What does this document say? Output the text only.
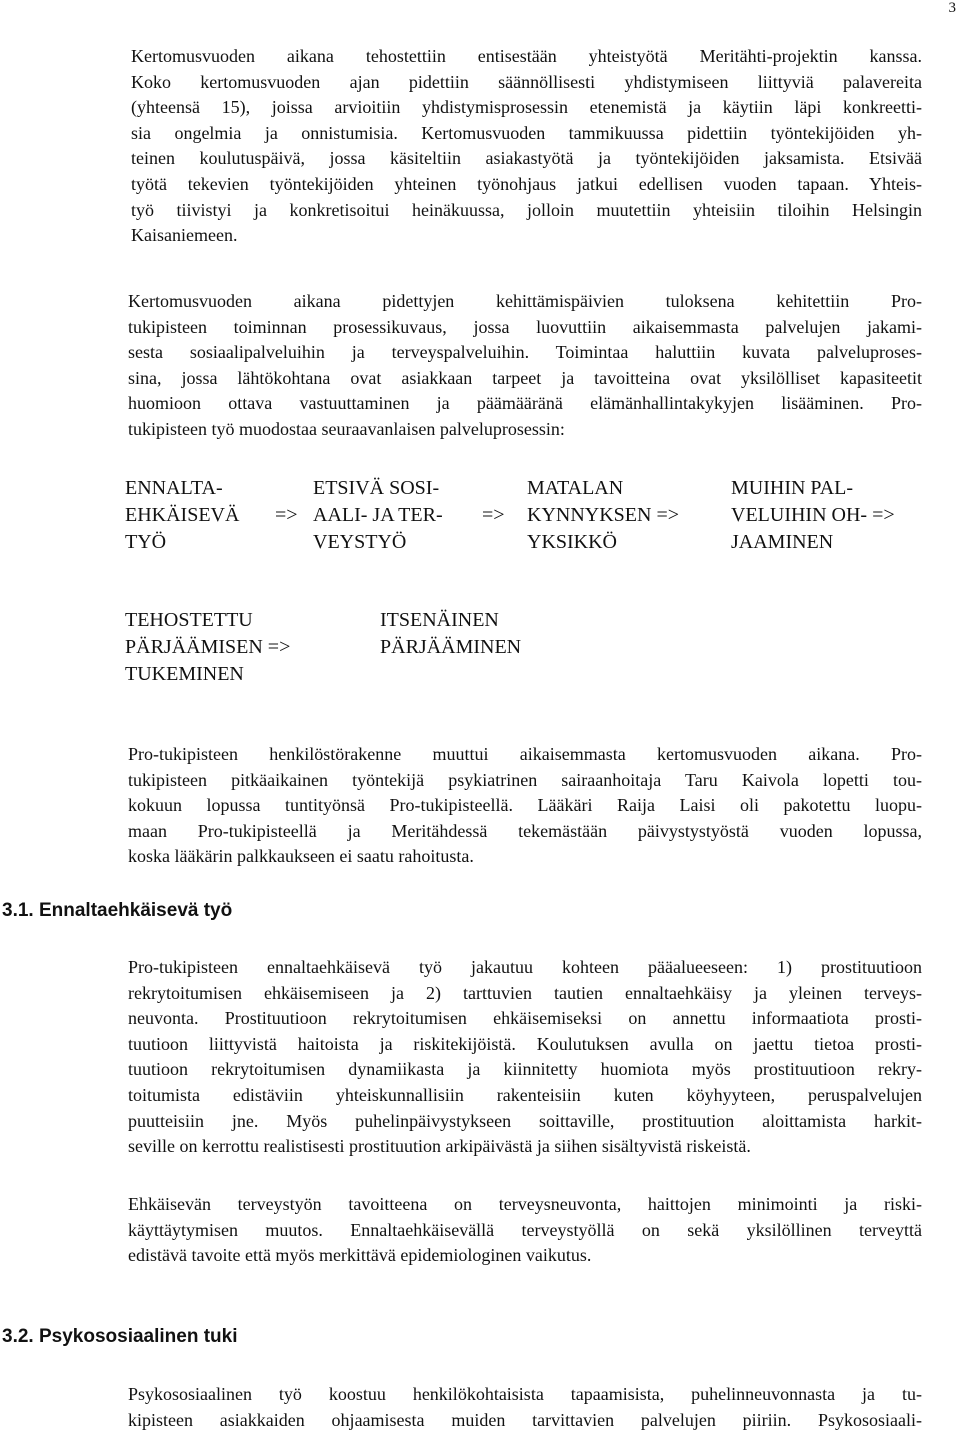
3
Kertomusvuoden aikana tehostettiin entisestään yhteistyötä Meritähti-projektin kanssa.
Koko kertomusvuoden ajan pidettiin säännöllisesti yhdistymiseen liittyviä palavereita
(yhteensä 15), joissa arvioitiin yhdistymisprosessin etenemistä ja käytiin läpi konkreetti-
sia ongelmia ja onnistumisia. Kertomusvuoden tammikuussa pidettiin työntekijöiden yh-
teinen koulutuspäivä, jossa käsiteltiin asiakastyötä ja työntekijöiden jaksamista. Etsivää
työtä tekevien työntekijöiden yhteinen työnohjaus jatkui edellisen vuoden tapaan. Yhteis-
työ tiivistyi ja konkretisoitui heinäkuussa, jolloin muutettiin yhteisiin tiloihin Helsingin
Kaisaniemeen.
Kertomusvuoden aikana pidettyjen kehittämispäivien tuloksena kehitettiin Pro-
tukipisteen toiminnan prosessikuvaus, jossa luovuttiin aikaisemmasta palvelujen jakami-
sesta sosiaalipalveluihin ja terveyspalveluihin. Toimintaa haluttiin kuvata palveluproses-
sina, jossa lähtökohtana ovat asiakkaan tarpeet ja tavoitteina ovat yksilölliset kapasiteetit
huomioon ottava vastuuttaminen ja päämääränä elämänhallintakykyjen lisääminen. Pro-
tukipisteen työ muodostaa seuraavanlaisen palveluprosessin:
ENNALTA-
EHKÄISEVÄ
TYÖ
=>
ETSIVÄ SOSI-
AALI- JA TER-
VEYSTYÖ
=>
MATALAN
KYNNYKSEN =>
YKSIKKÖ
MUIHIN PAL-
VELUIHIN OH- =>
JAAMINEN
TEHOSTETTU
PÄRJÄÄMISEN =>
TUKEMINEN
ITSENÄINEN
PÄRJÄÄMINEN
Pro-tukipisteen henkilöstörakenne muuttui aikaisemmasta kertomusvuoden aikana. Pro-
tukipisteen pitkäaikainen työntekijä psykiatrinen sairaanhoitaja Taru Kaivola lopetti tou-
kokuun lopussa tuntityönsä Pro-tukipisteellä. Lääkäri Raija Laisi oli pakotettu luopu-
maan Pro-tukipisteellä ja Meritähdessä tekemästään päivystystyöstä vuoden lopussa,
koska lääkärin palkkaukseen ei saatu rahoitusta.
3.1. Ennaltaehkäisevä työ
Pro-tukipisteen ennaltaehkäisevä työ jakautuu kohteen pääalueeseen: 1) prostituutioon
rekrytoitumisen ehkäisemiseen ja 2) tarttuvien tautien ennaltaehkäisy ja yleinen terveys-
neuvonta. Prostituutioon rekrytoitumisen ehkäisemiseksi on annettu informaatiota prosti-
tuutioon liittyvistä haitoista ja riskitekijöistä. Koulutuksen avulla on jaettu tietoa prosti-
tuutioon rekrytoitumisen dynamiikasta ja kiinnitetty huomiota myös prostituutioon rekry-
toitumista edistäviin yhteiskunnallisiin rakenteisiin kuten köyhyyteen, peruspalvelujen
puutteisiin jne. Myös puhelinpäivystykseen soittaville, prostituution aloittamista harkit-
seville on kerrottu realistisesti prostituution arkipäivästä ja siihen sisältyvistä riskeistä.
Ehkäisevän terveystyön tavoitteena on terveysneuvonta, haittojen minimointi ja riski-
käyttäytymisen muutos. Ennaltaehkäisevällä terveystyöllä on sekä yksilöllinen terveyttä
edistävä tavoite että myös merkittävä epidemiologinen vaikutus.
3.2. Psykososiaalinen tuki
Psykososiaalinen työ koostuu henkilökohtaisista tapaamisista, puhelinneuvonnasta ja tu-
kipisteen asiakkaiden ohjaamisesta muiden tarvittavien palvelujen piiriin. Psykososiaali-
